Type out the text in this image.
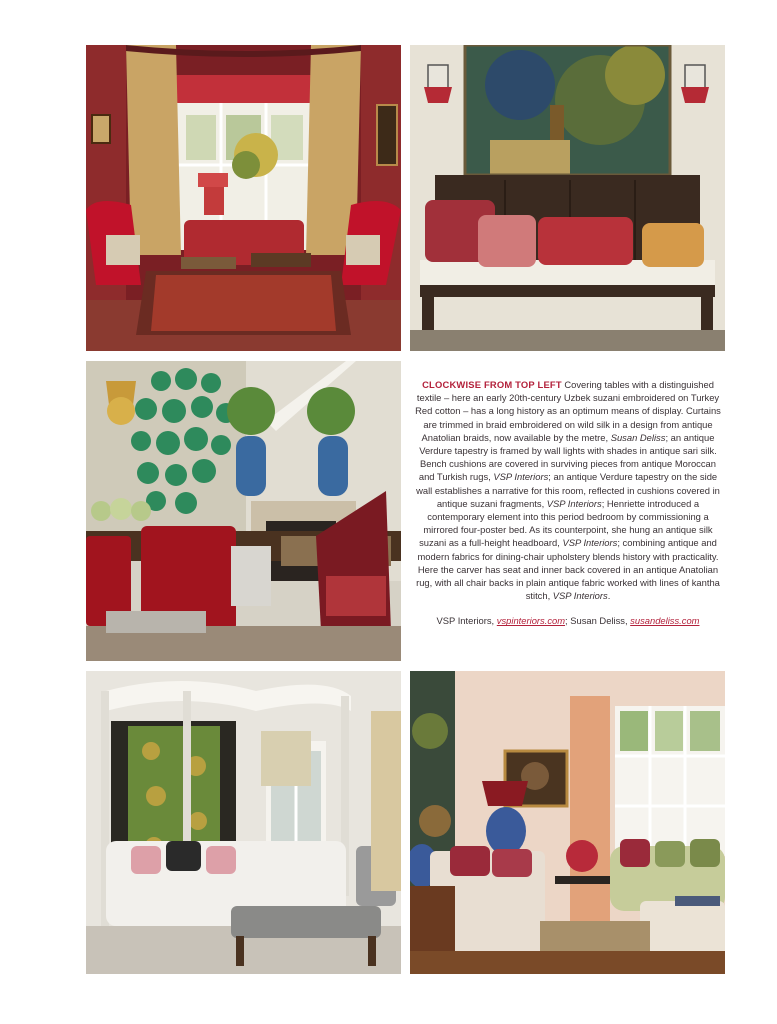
CLOCKWISE FROM TOP LEFT Covering tables with a distinguished textile – here an early 20th-century Uzbek suzani embroidered on Turkey Red cotton – has a long history as an optimum means of display. Curtains are trimmed in braid embroidered on wild silk in a design from antique Anatolian braids, now available by the metre, Susan Deliss; an antique Verdure tapestry is framed by wall lights with shades in antique sari silk. Bench cushions are covered in surviving pieces from antique Moroccan and Turkish rugs, VSP Interiors; an antique Verdure tapestry on the side wall establishes a narrative for this room, reflected in cushions covered in antique suzani fragments, VSP Interiors; Henriette introduced a contemporary element into this period bedroom by commissioning a mirrored four-poster bed. As its counterpoint, she hung an antique silk suzani as a full-height headboard, VSP Interiors; combining antique and modern fabrics for dining-chair upholstery blends history with practicality. Here the carver has seat and inner back covered in an antique Anatolian rug, with all chair backs in plain antique fabric worked with lines of kantha stitch, VSP Interiors.

VSP Interiors, vspinteriors.com; Susan Deliss, susandeliss.com
